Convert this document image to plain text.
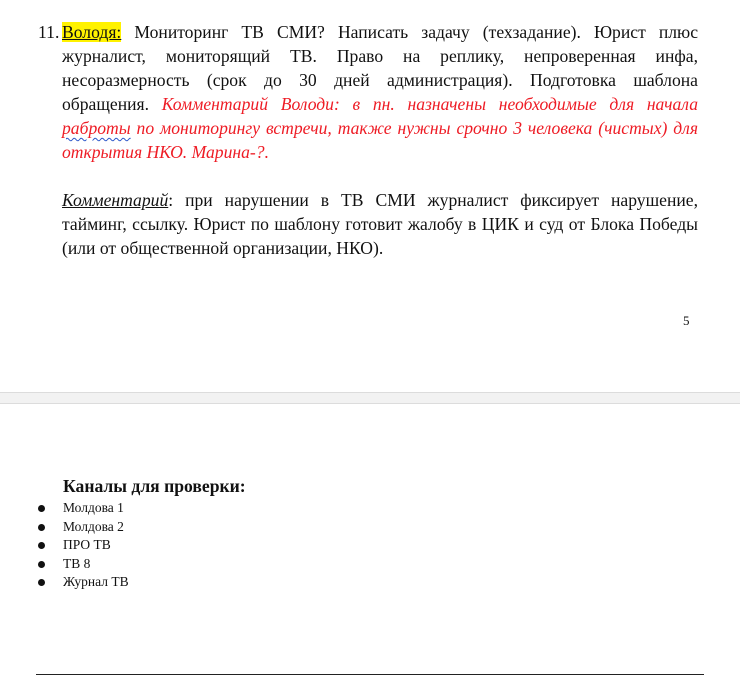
11. Володя: Мониторинг ТВ СМИ? Написать задачу (техзадание). Юрист плюс журналист, мониторящий ТВ. Право на реплику, непроверенная инфа, несоразмерность (срок до 30 дней администрация). Подготовка шаблона обращения. Комментарий Володи: в пн. назначены необходимые для начала раброты по мониторингу встречи, также нужны срочно 3 человека (чистых) для открытия НКО. Марина-?.
Комментарий: при нарушении в ТВ СМИ журналист фиксирует нарушение, тайминг, ссылку. Юрист по шаблону готовит жалобу в ЦИК и суд от Блока Победы (или от общественной организации, НКО).
5
Каналы для проверки:
Молдова 1
Молдова 2
ПРО ТВ
ТВ 8
Журнал ТВ
